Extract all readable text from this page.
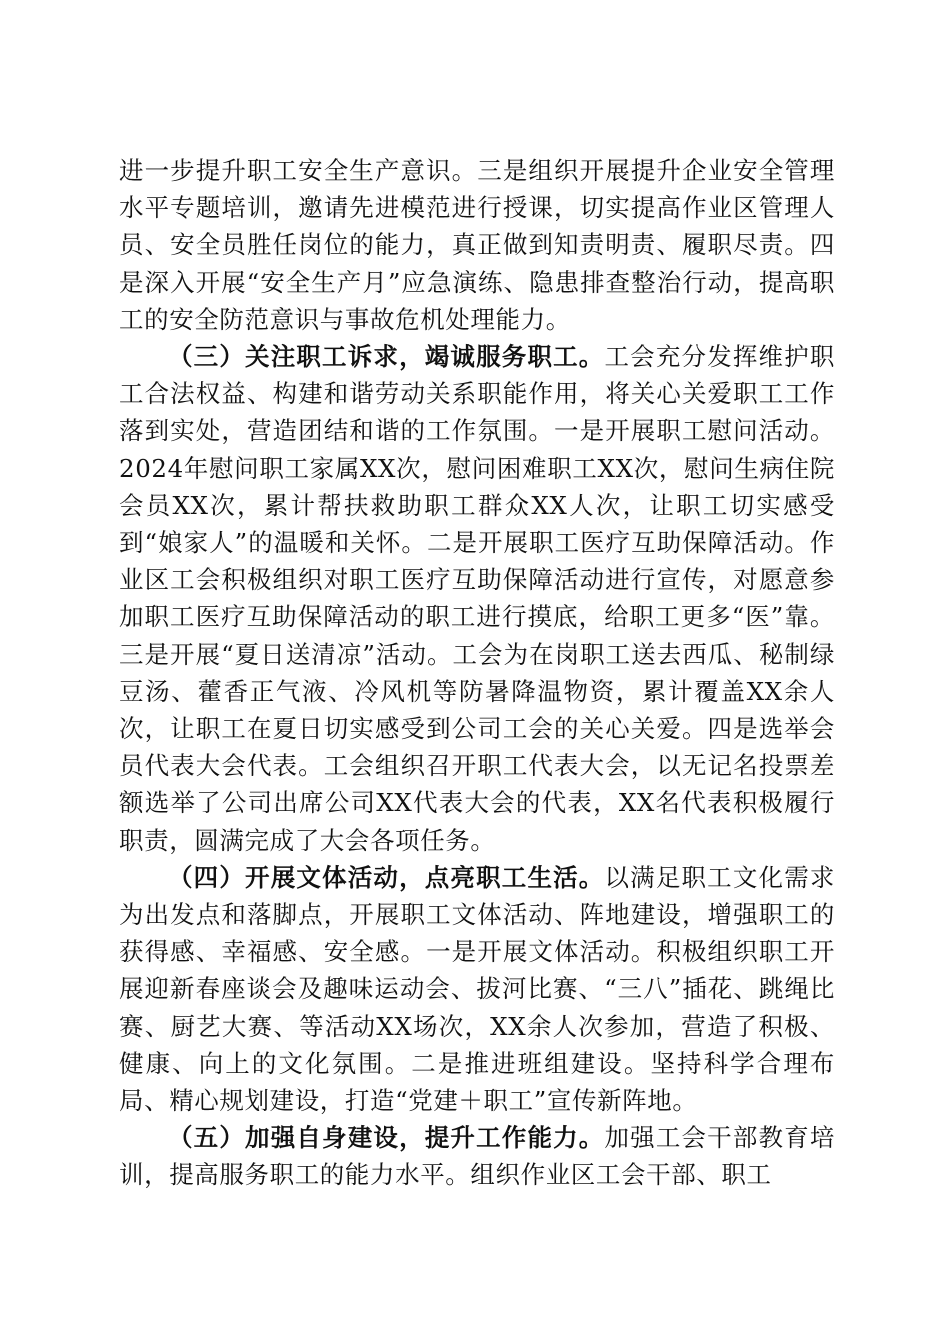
进一步提升职工安全生产意识。三是组织开展提升企业安全管理水平专题培训，邀请先进模范进行授课，切实提高作业区管理人员、安全员胜任岗位的能力，真正做到知责明责、履职尽责。四是深入开展“安全生产月”应急演练、隐患排查整治行动，提高职工的安全防范意识与事故危机处理能力。

（三）关注职工诉求，竭诚服务职工。工会充分发挥维护职工合法权益、构建和谐劳动关系职能作用，将关心关爱职工工作落到实处，营造团结和谐的工作氛围。一是开展职工慰问活动。2024年慰问职工家属XX次，慰问困难职工XX次，慰问生病住院会员XX次，累计帮扶救助职工群众XX人次，让职工切实感受到“娘家人”的温暖和关怀。二是开展职工医疗互助保障活动。作业区工会积极组织对职工医疗互助保障活动进行宣传，对愿意参加职工医疗互助保障活动的职工进行摸底，给职工更多“医”靠。三是开展“夏日送清凉”活动。工会为在岗职工送去西瓜、秘制绿豆汤、藿香正气液、冷风机等防暑降温物资，累计覆盖XX余人次，让职工在夏日切实感受到公司工会的关心关爱。四是选举会员代表大会代表。工会组织召开职工代表大会，以无记名投票差额选举了公司出席公司XX代表大会的代表，XX名代表积极履行职责，圆满完成了大会各项任务。

（四）开展文体活动，点亮职工生活。以满足职工文化需求为出发点和落脚点，开展职工文体活动、阵地建设，增强职工的获得感、幸福感、安全感。一是开展文体活动。积极组织职工开展迎新春座谈会及趣味运动会、拔河比赛、“三八”插花、跳绳比赛、厨艺大赛、等活动XX场次，XX余人次参加，营造了积极、健康、向上的文化氛围。二是推进班组建设。坚持科学合理布局、精心规划建设，打造“党建＋职工”宣传新阵地。

（五）加强自身建设，提升工作能力。加强工会干部教育培训，提高服务职工的能力水平。组织作业区工会干部、职工
